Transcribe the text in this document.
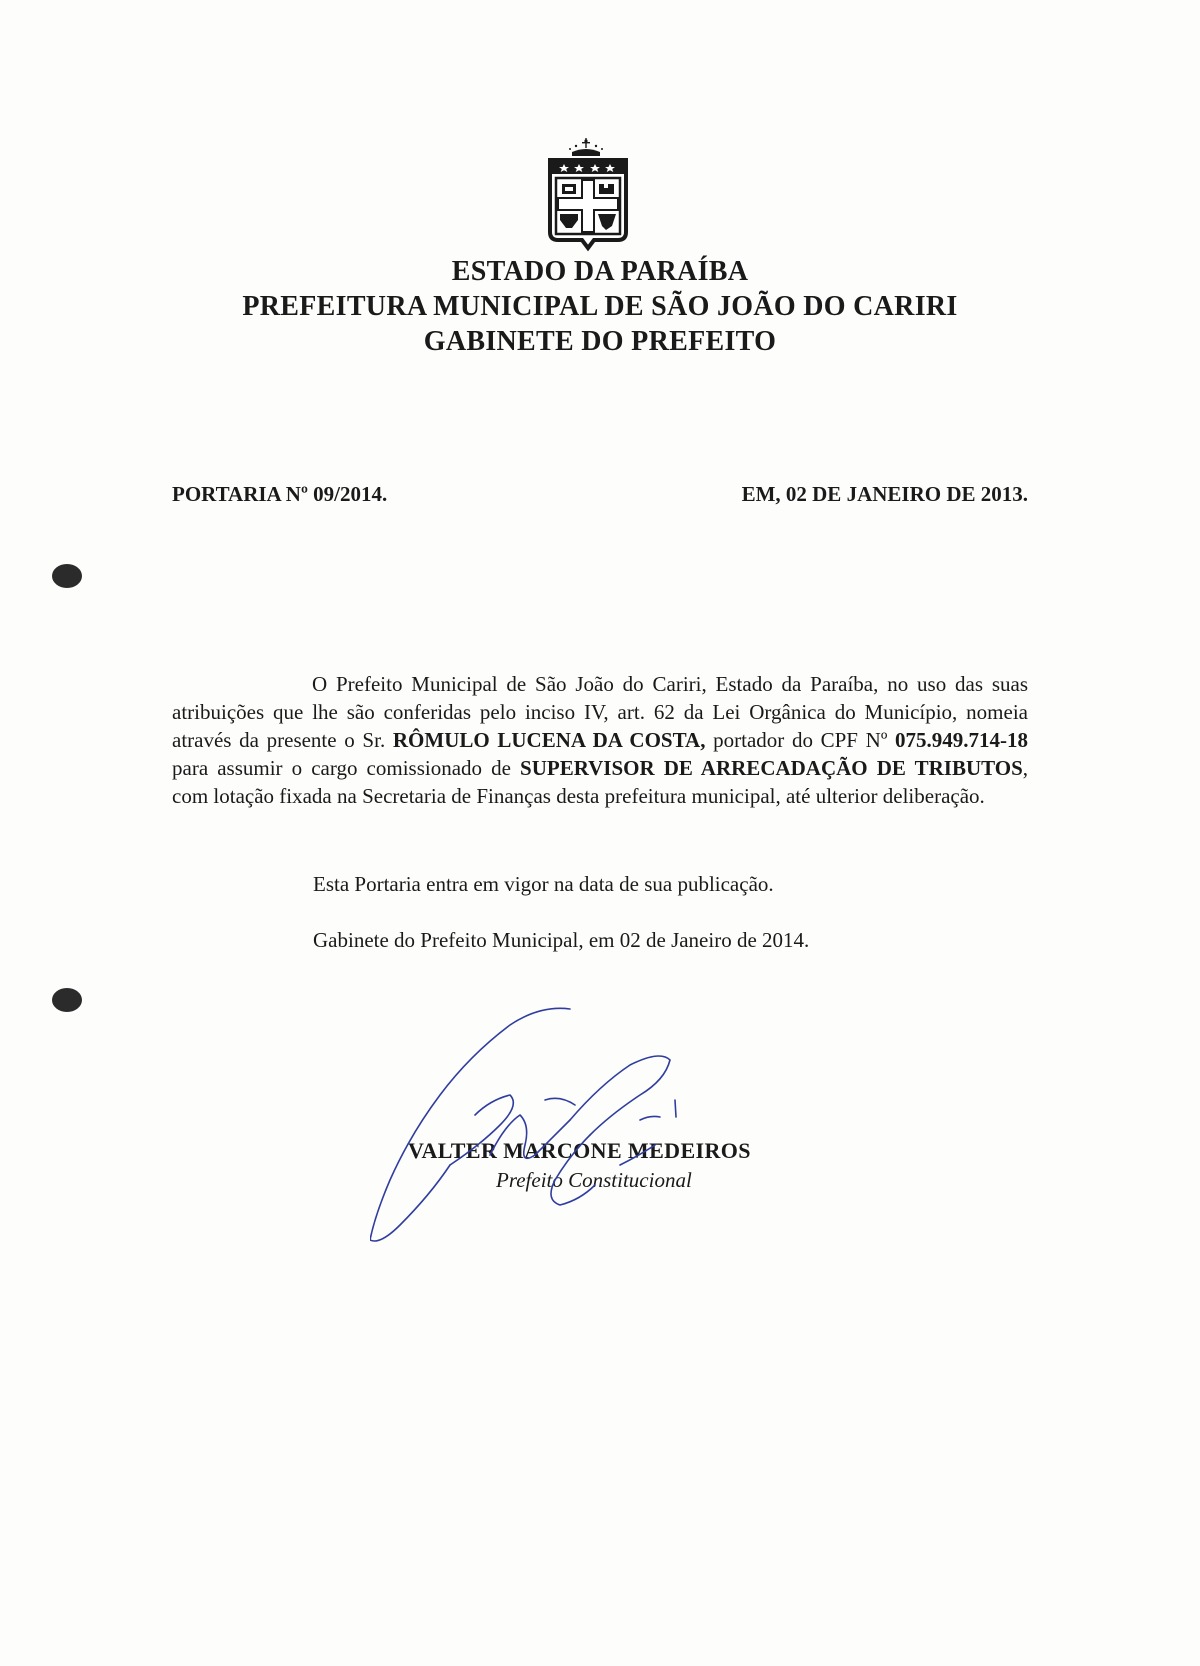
ESTADO DA PARAÍBA
PREFEITURA MUNICIPAL DE SÃO JOÃO DO CARIRI
GABINETE DO PREFEITO
PORTARIA Nº 09/2014.	EM, 02 DE JANEIRO DE 2013.
O Prefeito Municipal de São João do Cariri, Estado da Paraíba, no uso das suas atribuições que lhe são conferidas pelo inciso IV, art. 62 da Lei Orgânica do Município, nomeia através da presente o Sr. RÔMULO LUCENA DA COSTA, portador do CPF Nº 075.949.714-18 para assumir o cargo comissionado de SUPERVISOR DE ARRECADAÇÃO DE TRIBUTOS, com lotação fixada na Secretaria de Finanças desta prefeitura municipal, até ulterior deliberação.
Esta Portaria entra em vigor na data de sua publicação.
Gabinete do Prefeito Municipal, em 02 de Janeiro de 2014.
VALTER MARCONE MEDEIROS
Prefeito Constitucional
